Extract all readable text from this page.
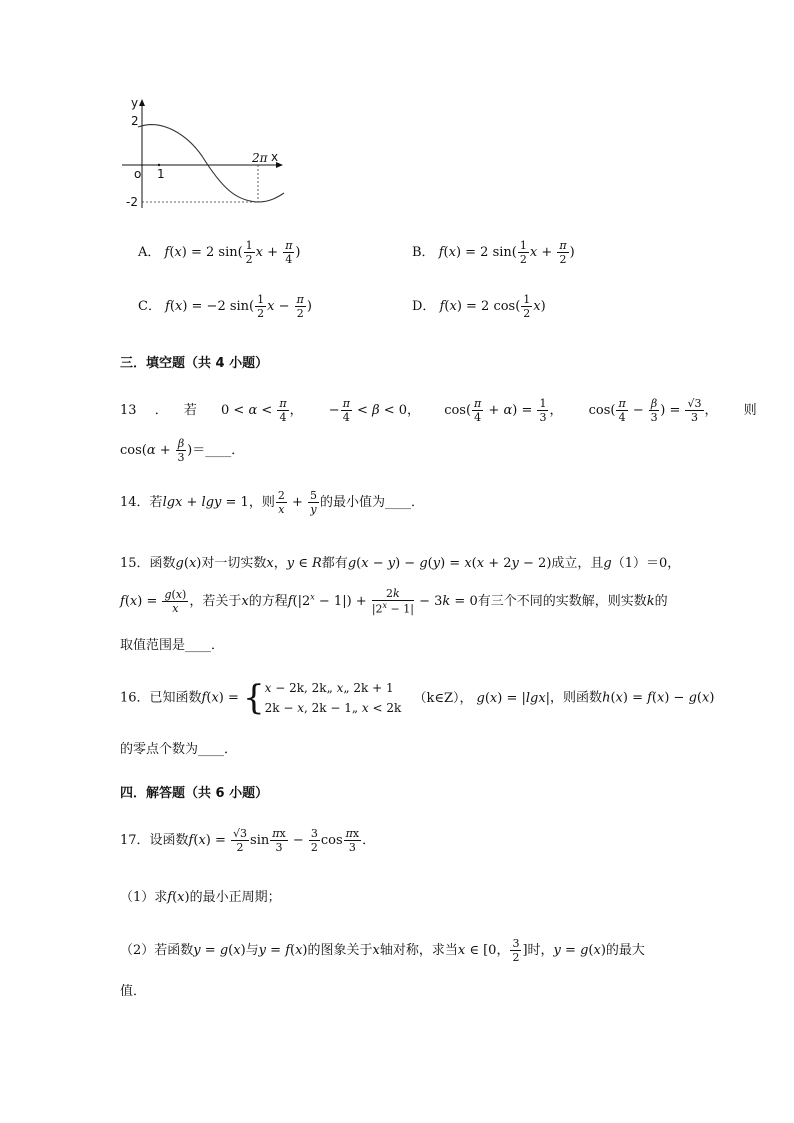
y
x
2
-2
o 1
2π
A． f(x) = 2 $\sin( \frac{1}{2}$ $x + \frac{\pi}{4}$ )	B． f(x) = 2 $\sin( \frac{1}{2}$ $x + \frac{\pi}{2}$ )
C． f(x) = −2 $\sin( \frac{1}{2}$ $x - \frac{\pi}{2}$ )	D． f(x) = 2 $\cos( \frac{1}{2} x)$
三．填空题（共 4 小题）
13 ． 若 $0 < \alpha < \frac{\pi}{4}$ ， − $\frac{\pi}{4} < \beta < 0$， $\cos( \frac{\pi}{4} + \alpha) = \frac{1}{3}$ ， $\cos( \frac{\pi}{4} - \frac{\beta}{3}$ ) = $\frac{√3}{3}$ ， 则
$\cos(\alpha + \frac{\beta}{3}$ )＝____．
14．若lgx + lgy = 1，则 $\frac{2}{x} + \frac{5}{y}$ 的最小值为____．
15．函数g(x)对一切实数x，y ∈ R都有g(x − y) − g(y) = x(x + 2y − 2)成立，且g（1）＝0，
$f(x) = \frac{g(x)}{x}$ ，若关于x的方程$f(|2^x - 1|) + \frac{2k}{|2^x - 1|} - 3k = 0$有三个不同的实数解，则实数k的
取值范围是____．
16．已知函数f(x) = { x − 2k, 2k„ x„ 2k + 1
2k − x, 2k − 1„ x < 2k
（k∈Z）， g(x) = |lgx|，则函数h(x) = f(x) − g(x)
的零点个数为____．
四．解答题（共 6 小题）
17．设函数$f(x) = \frac{√3}{2}$ $\sin \frac{\pi x}{3} - \frac{3}{2}$ $\cos \frac{\pi x}{3}$ ．
（1）求f(x)的最小正周期；
（2）若函数y = g(x)与y = f(x)的图象关于x轴对称，求当x ∈ [0， $\frac{3}{2}$ ]时，y = g(x)的最大
值．
